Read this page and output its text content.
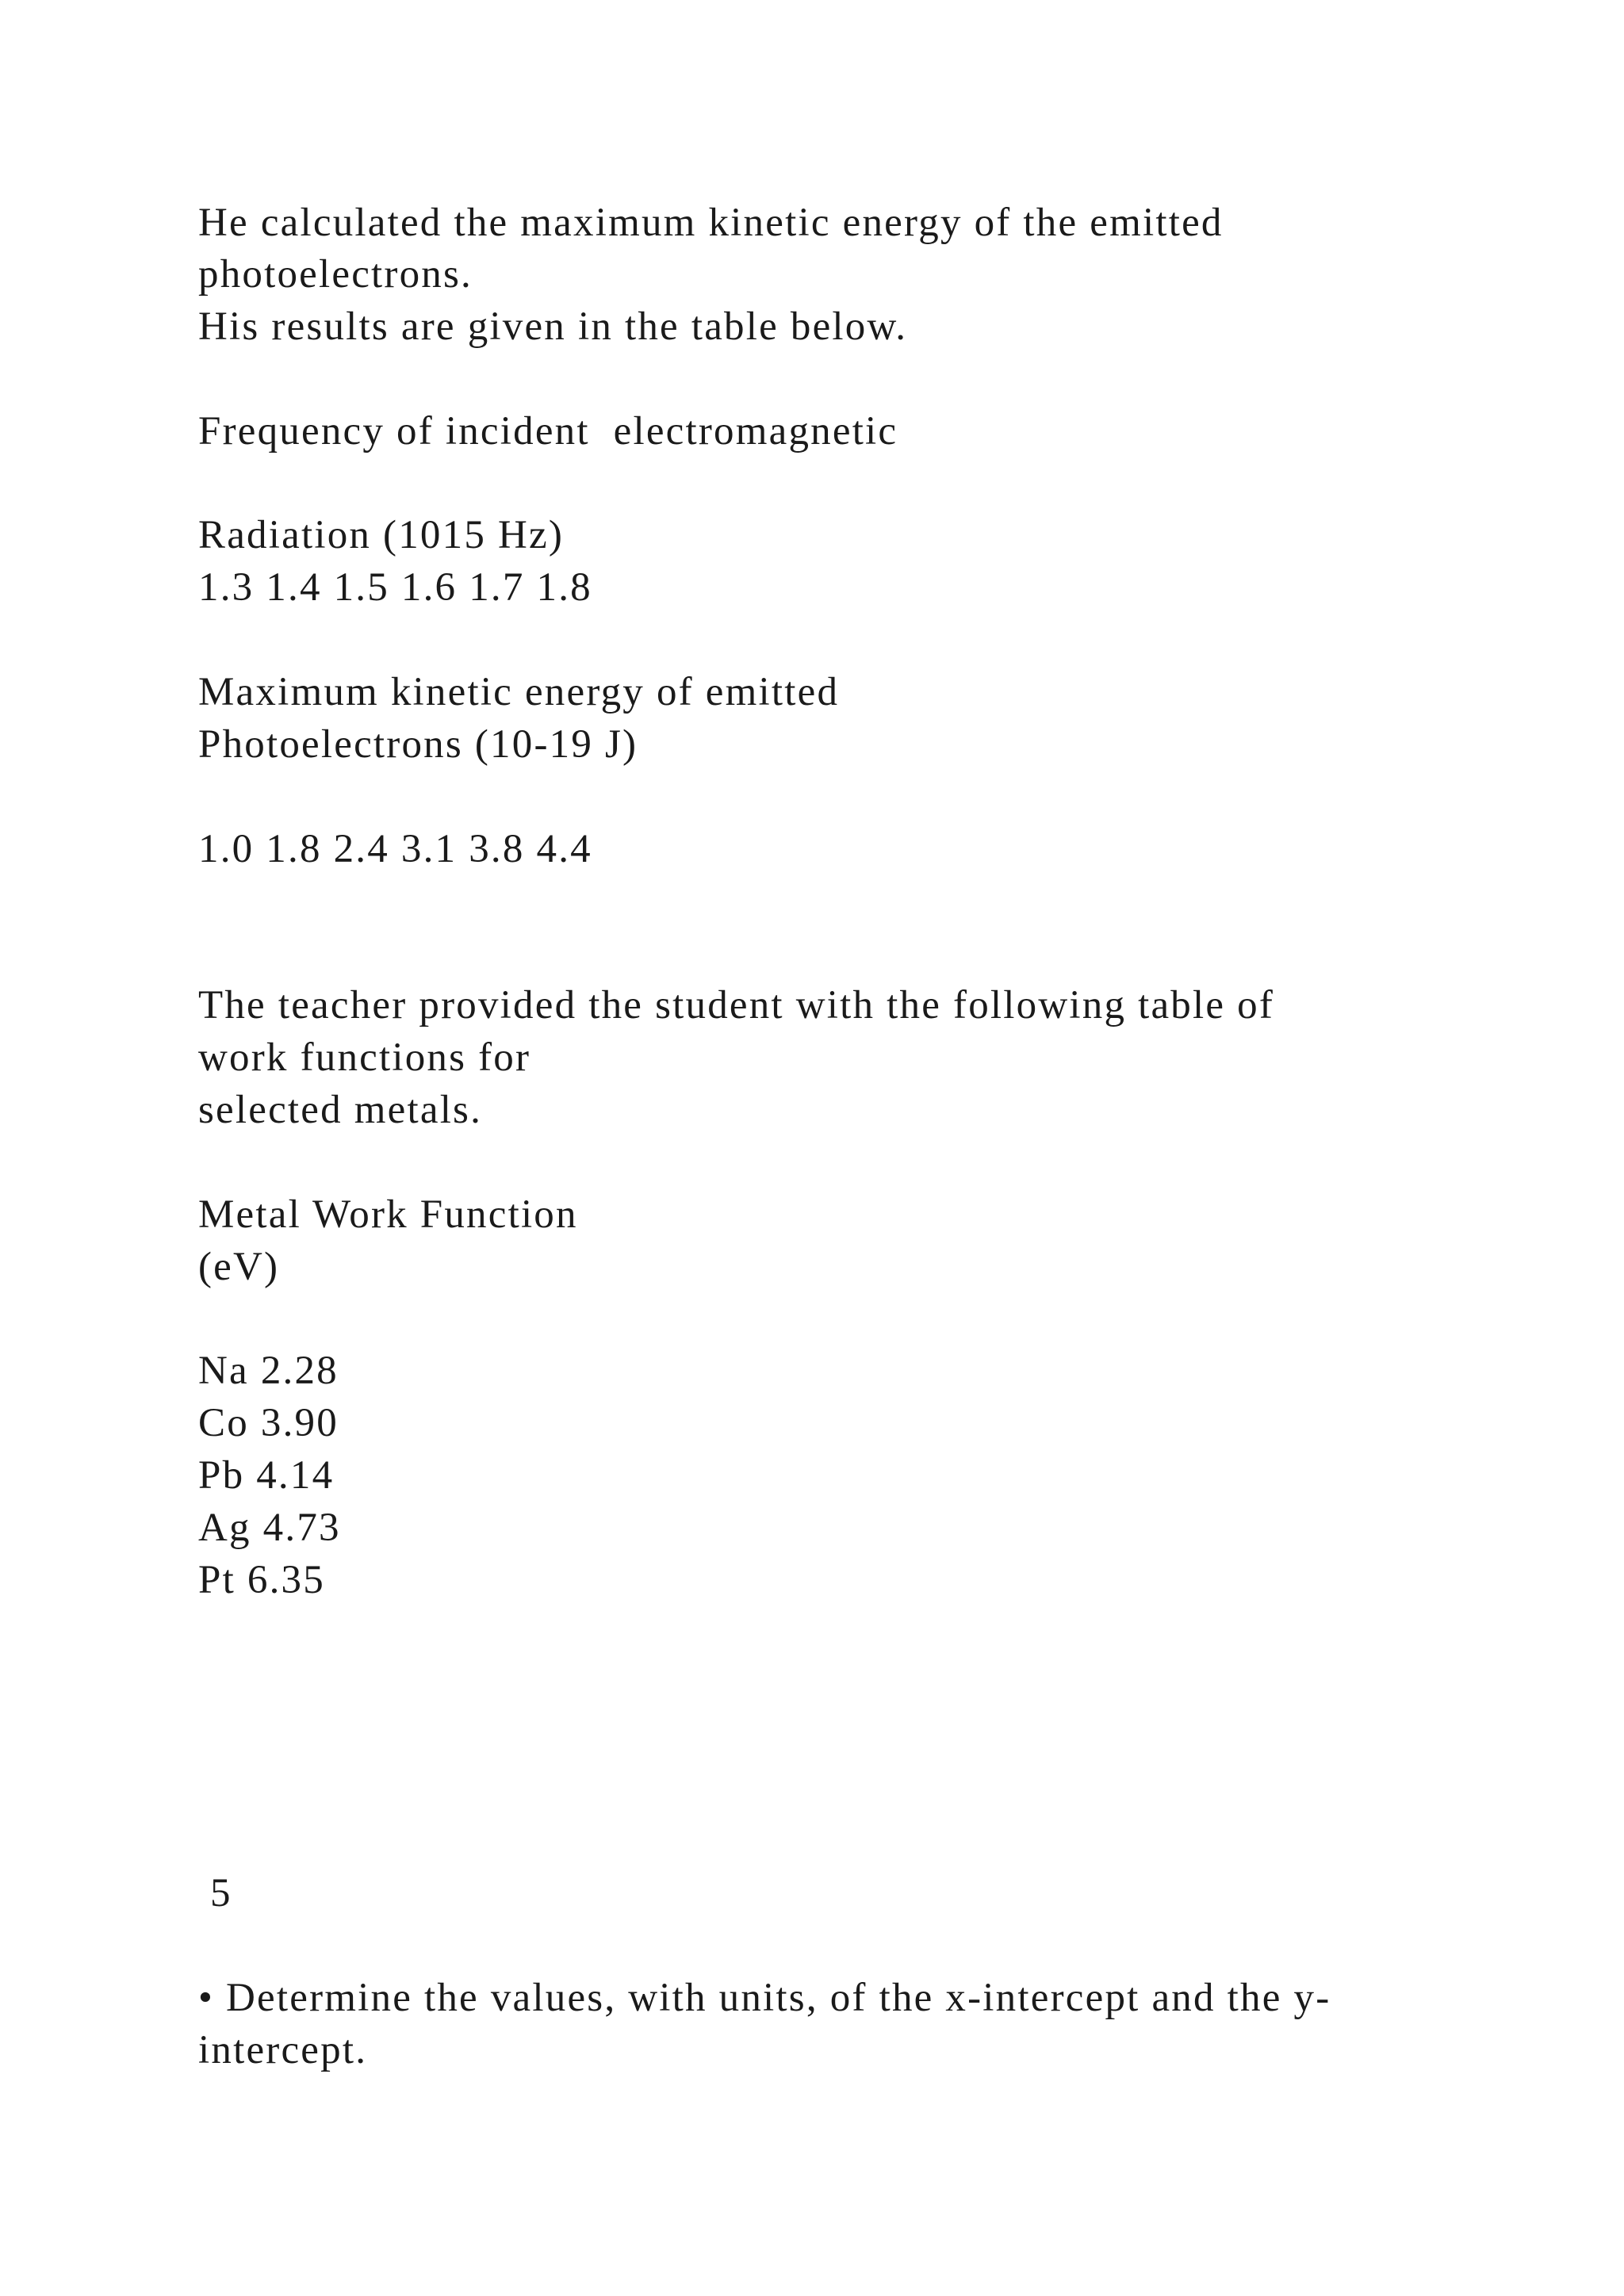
He calculated the maximum kinetic energy of the emitted

photoelectrons.

His results are given in the table below.

Frequency of incident  electromagnetic

Radiation (1015 Hz)

1.3 1.4 1.5 1.6 1.7 1.8

Maximum kinetic energy of emitted

Photoelectrons (10-19 J)

1.0 1.8 2.4 3.1 3.8 4.4

The teacher provided the student with the following table of

work functions for

selected metals.

Metal Work Function

(eV)

Na 2.28

Co 3.90

Pb 4.14

Ag 4.73

Pt 6.35

5

• Determine the values, with units, of the x-intercept and the y-

intercept.
